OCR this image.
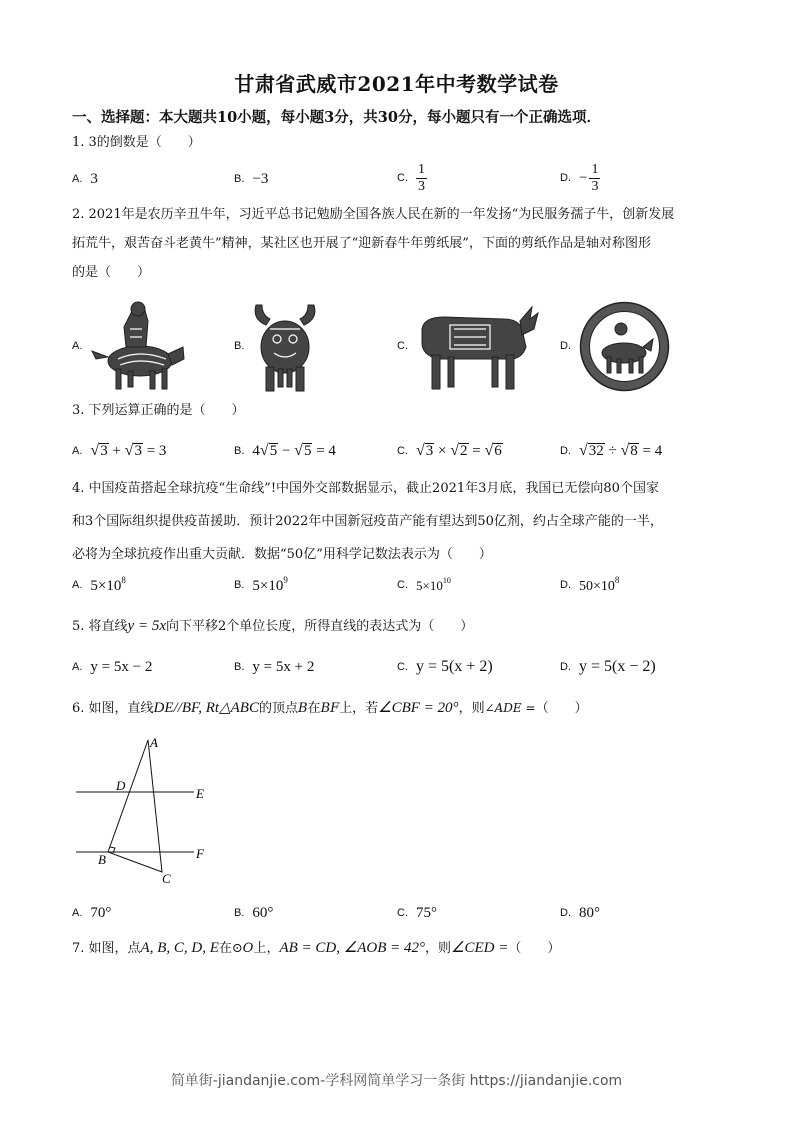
甘肃省武威市2021年中考数学试卷
一、选择题：本大题共10小题，每小题3分，共30分，每小题只有一个正确选项．
1. 3的倒数是（　　）
A. 3	B. −3	C. $\frac{1}{3}$	D. − $\frac{1}{3}$
2. 2021年是农历辛丑牛年，习近平总书记勉励全国各族人民在新的一年发扬“为民服务孺子牛，创新发展
拓荒牛，艰苦奋斗老黄牛”精神，某社区也开展了“迎新春牛年剪纸展”，下面的剪纸作品是轴对称图形
的是（　　）
A.	B.	C.	D.
3. 下列运算正确的是（　　）
A. √3 + √3 = 3	B. 4√5 − √5 = 4	C. √3 × √2 = √6	D. √32 ÷ √8 = 4
4. 中国疫苗搭起全球抗疫“生命线”!中国外交部数据显示，截止2021年3月底，我国已无偿向80个国家
和3个国际组织提供疫苗援助．预计2022年中国新冠疫苗产能有望达到50亿剂，约占全球产能的一半，
必将为全球抗疫作出重大贡献．数据“50亿”用科学记数法表示为（　　）
A. $5\times 10^8$	B. $5\times 10^9$	C. $5\times 10^{10}$	D. $50\times 10^8$
5. 将直线y = 5x向下平移2个单位长度，所得直线的表达式为（　　）
A. y = 5x − 2	B. y = 5x + 2	C. y = 5(x + 2)	D. y = 5(x − 2)
6. 如图，直线DE//BF, Rt△ABC的顶点B在BF上，若∠CBF = 20°，则∠ADE =（　　）
A
D
E
B	F
C
A. 70°	B. 60°	C. 75°	D. 80°
7. 如图，点A, B, C, D, E在⊙O上，AB = CD, ∠AOB = 42°，则∠CED =（　　）
简单街-jiandanjie.com-学科网简单学习一条街 https://jiandanjie.com
